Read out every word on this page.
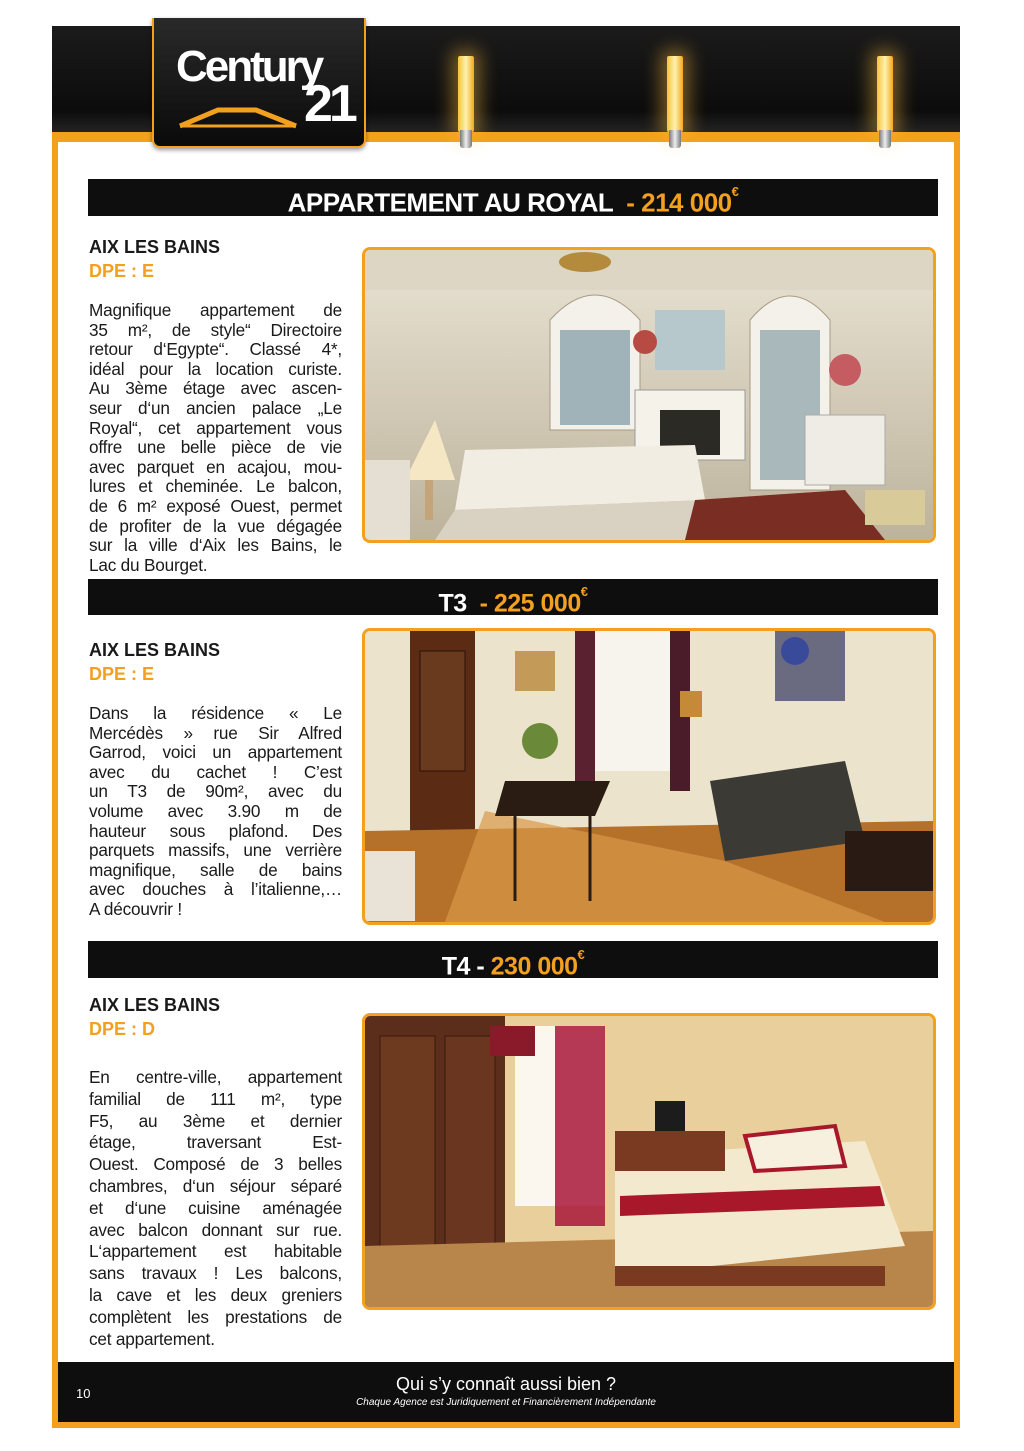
Century
21
APPARTEMENT AU ROYAL - 214 000€
AIX LES BAINS
DPE : E
Magnifique appartement de
35 m², de style“ Directoire
retour d‘Egypte“. Classé 4*,
idéal pour la location curiste.
Au 3ème étage avec ascen-
seur d‘un ancien palace „Le
Royal“, cet appartement vous
offre une belle pièce de vie
avec parquet en acajou, mou-
lures et cheminée. Le balcon,
de 6 m² exposé Ouest, permet
de profiter de la vue dégagée
sur la ville d‘Aix les Bains, le
Lac du Bourget.
T3 - 225 000€
AIX LES BAINS
DPE : E
Dans la résidence « Le
Mercédès » rue Sir Alfred
Garrod, voici un appartement
avec du cachet ! C’est
un T3 de 90m², avec du
volume avec 3.90 m de
hauteur sous plafond. Des
parquets massifs, une verrière
magnifique, salle de bains
avec douches à l’italienne,…
A découvrir !
T4 - 230 000€
AIX LES BAINS
DPE : D
En centre-ville, appartement
familial de 111 m², type
F5, au 3ème et dernier
étage, traversant Est-
Ouest. Composé de 3 belles
chambres, d‘un séjour séparé
et d‘une cuisine aménagée
avec balcon donnant sur rue.
L‘appartement est habitable
sans travaux ! Les balcons,
la cave et les deux greniers
complètent les prestations de
cet appartement.
10	Qui s’y connaît aussi bien ?
Chaque Agence est Juridiquement et Financièrement Indépendante
